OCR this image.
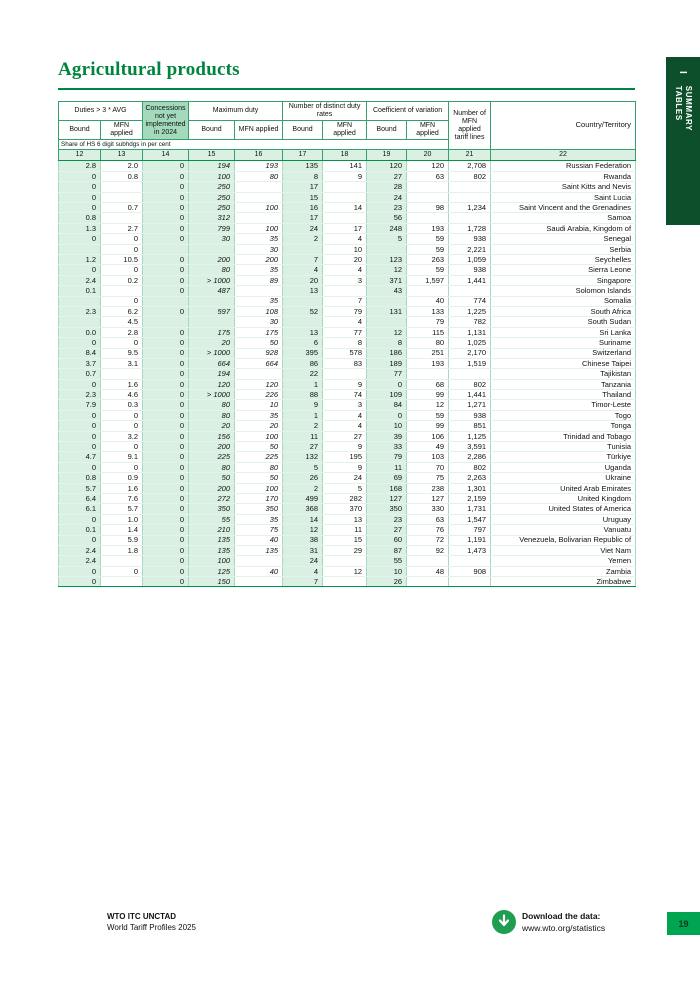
Agricultural products
Duties > 3 * AVG		Concessions not yet implemented in 2024	Maximum duty		Number of distinct duty rates		Coefficient of variation		Number of MFN applied tariff lines	Country/Territory
Bound	MFN applied		Bound	MFN applied	Bound	MFN applied	Bound	MFN applied		
Share of HS 6 digit subhdgs in per cent										
12	13	14	15	16	17	18	19	20	21	22
2.8	2.0	0	194	193	135	141	120	120	2,708	Russian Federation
0	0.8	0	100	80	8	9	27	63	802	Rwanda
0		0	250		17		28			Saint Kitts and Nevis
0		0	250		15		24			Saint Lucia
0	0.7	0	250	100	16	14	23	98	1,234	Saint Vincent and the Grenadines
0.8		0	312		17		56			Samoa
1.3	2.7	0	799	100	24	17	248	193	1,728	Saudi Arabia, Kingdom of
0	0	0	30	35	2	4	5	59	938	Senegal
	0			30		10		59	2,221	Serbia
1.2	10.5	0	200	200	7	20	123	263	1,059	Seychelles
0	0	0	80	35	4	4	12	59	938	Sierra Leone
2.4	0.2	0	> 1000	89	20	3	371	1,597	1,441	Singapore
0.1		0	487		13		43			Solomon Islands
	0			35		7		40	774	Somalia
2.3	6.2	0	597	108	52	79	131	133	1,225	South Africa
	4.5			30		4		79	782	South Sudan
0.0	2.8	0	175	175	13	77	12	115	1,131	Sri Lanka
0	0	0	20	50	6	8	8	80	1,025	Suriname
8.4	9.5	0	> 1000	928	395	578	186	251	2,170	Switzerland
3.7	3.1	0	664	664	86	83	189	193	1,519	Chinese Taipei
0.7		0	194		22		77			Tajikistan
0	1.6	0	120	120	1	9	0	68	802	Tanzania
2.3	4.6	0	> 1000	226	88	74	109	99	1,441	Thailand
7.9	0.3	0	80	10	9	3	84	12	1,271	Timor-Leste
0	0	0	80	35	1	4	0	59	938	Togo
0	0	0	20	20	2	4	10	99	851	Tonga
0	3.2	0	156	100	11	27	39	106	1,125	Trinidad and Tobago
0	0	0	200	50	27	9	33	49	3,591	Tunisia
4.7	9.1	0	225	225	132	195	79	103	2,286	Türkiye
0	0	0	80	80	5	9	11	70	802	Uganda
0.8	0.9	0	50	50	26	24	69	75	2,263	Ukraine
5.7	1.6	0	200	100	2	5	168	238	1,301	United Arab Emirates
6.4	7.6	0	272	170	499	282	127	127	2,159	United Kingdom
6.1	5.7	0	350	350	368	370	350	330	1,731	United States of America
0	1.0	0	55	35	14	13	23	63	1,547	Uruguay
0.1	1.4	0	210	75	12	11	27	76	797	Vanuatu
0	5.9	0	135	40	38	15	60	72	1,191	Venezuela, Bolivarian Republic of
2.4	1.8	0	135	135	31	29	87	92	1,473	Viet Nam
2.4		0	100		24		55			Yemen
0	0	0	125	40	4	12	10	48	908	Zambia
0		0	150		7		26			Zimbabwe
I
SUMMARY TABLES
WTO ITC UNCTAD
World Tariff Profiles 2025
Download the data:
www.wto.org/statistics	19
